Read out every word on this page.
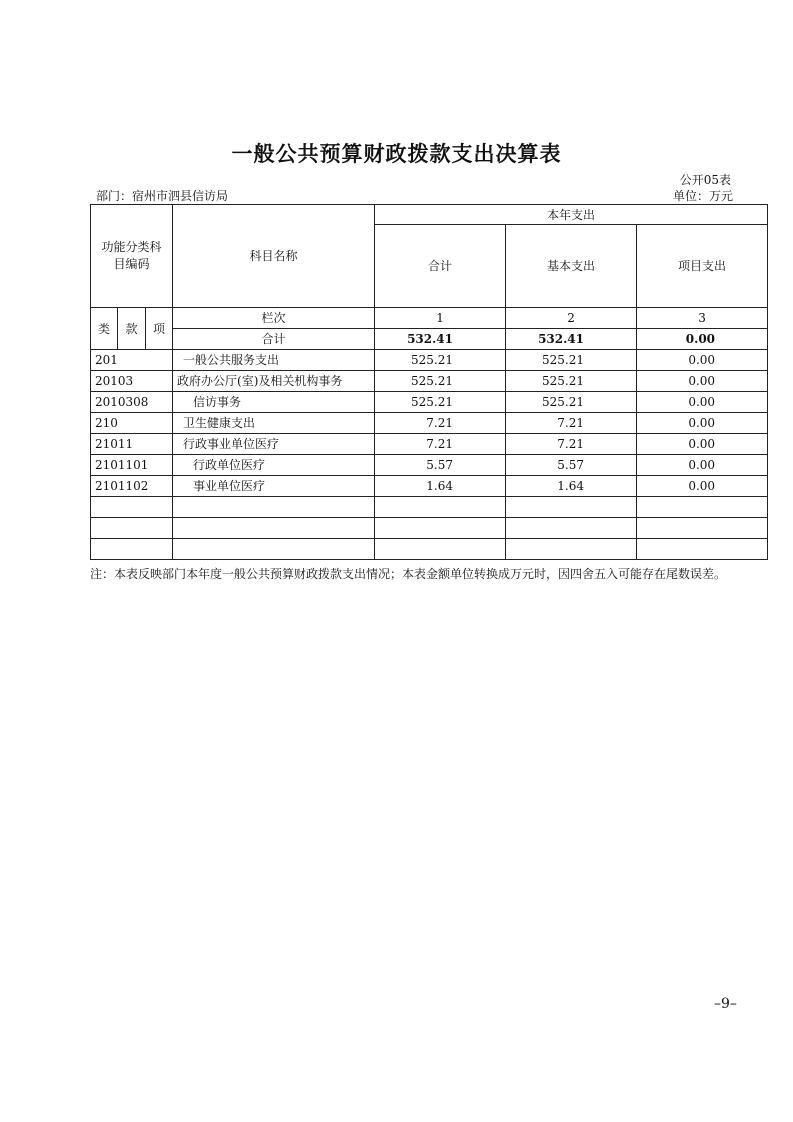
一般公共预算财政拨款支出决算表
公开05表
部门：宿州市泗县信访局	单位：万元
功能分类科目编码			科目名称	本年支出		
				合计	基本支出	项目支出
类	款	项	栏次	1	2	3
			合计	532.41	532.41	0.00
201			一般公共服务支出	525.21	525.21	0.00
20103			政府办公厅(室)及相关机构事务	525.21	525.21	0.00
2010308			信访事务	525.21	525.21	0.00
210			卫生健康支出	7.21	7.21	0.00
21011			行政事业单位医疗	7.21	7.21	0.00
2101101			行政单位医疗	5.57	5.57	0.00
2101102			事业单位医疗	1.64	1.64	0.00

注：本表反映部门本年度一般公共预算财政拨款支出情况；本表金额单位转换成万元时，因四舍五入可能存在尾数误差。
–9–
